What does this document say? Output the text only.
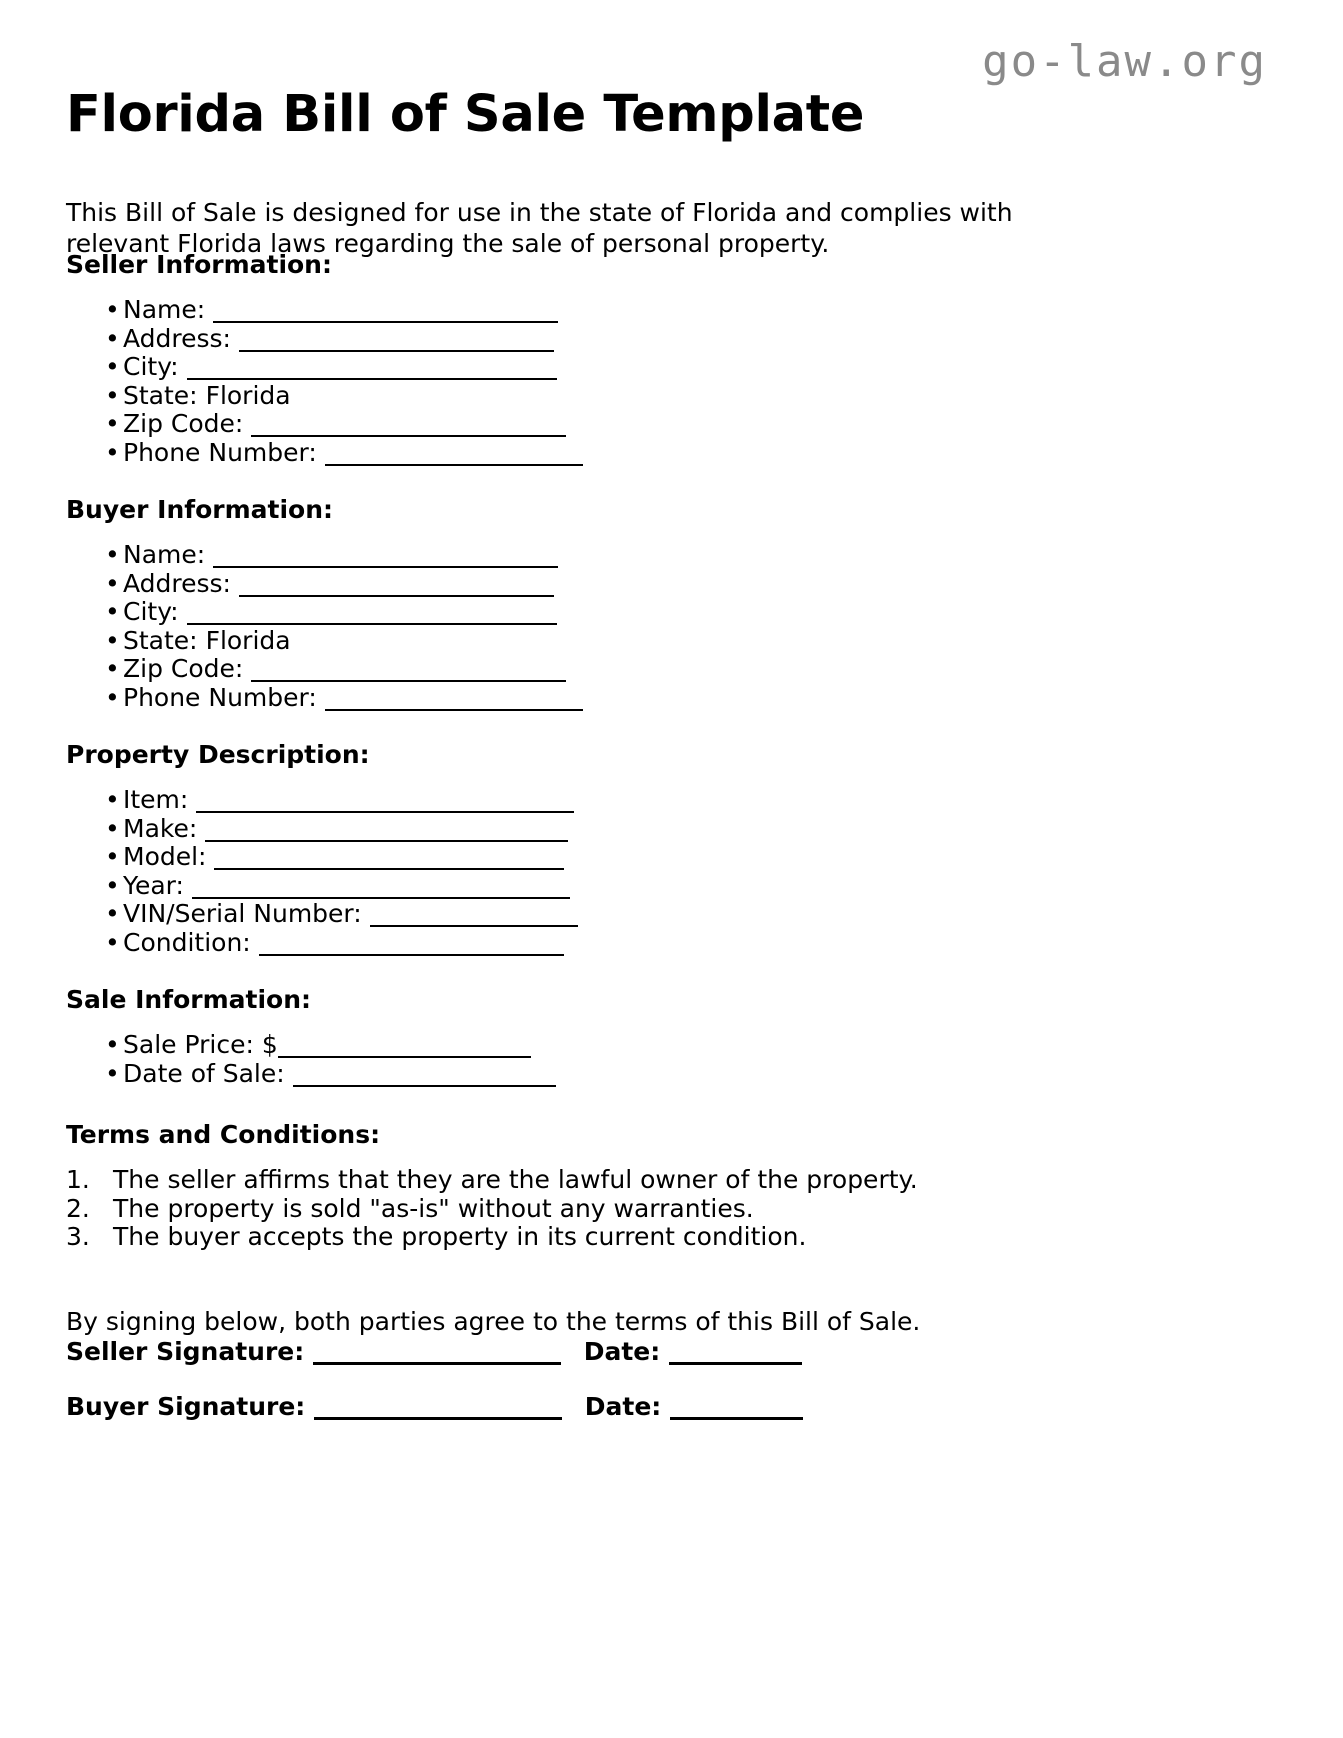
go-law.org
Florida Bill of Sale Template

This Bill of Sale is designed for use in the state of Florida and complies with relevant Florida laws regarding the sale of personal property.

Seller Information:
• Name:
• Address:
• City:
• State: Florida
• Zip Code:
• Phone Number:
Buyer Information:
• Name:
• Address:
• City:
• State: Florida
• Zip Code:
• Phone Number:
Property Description:
• Item:
• Make:
• Model:
• Year:
• VIN/Serial Number:
• Condition:
Sale Information:
• Sale Price: $
• Date of Sale:
Terms and Conditions:
1. The seller affirms that they are the lawful owner of the property.
2. The property is sold "as-is" without any warranties.
3. The buyer accepts the property in its current condition.

By signing below, both parties agree to the terms of this Bill of Sale.

Seller Signature:	Date:
Buyer Signature:	Date:
